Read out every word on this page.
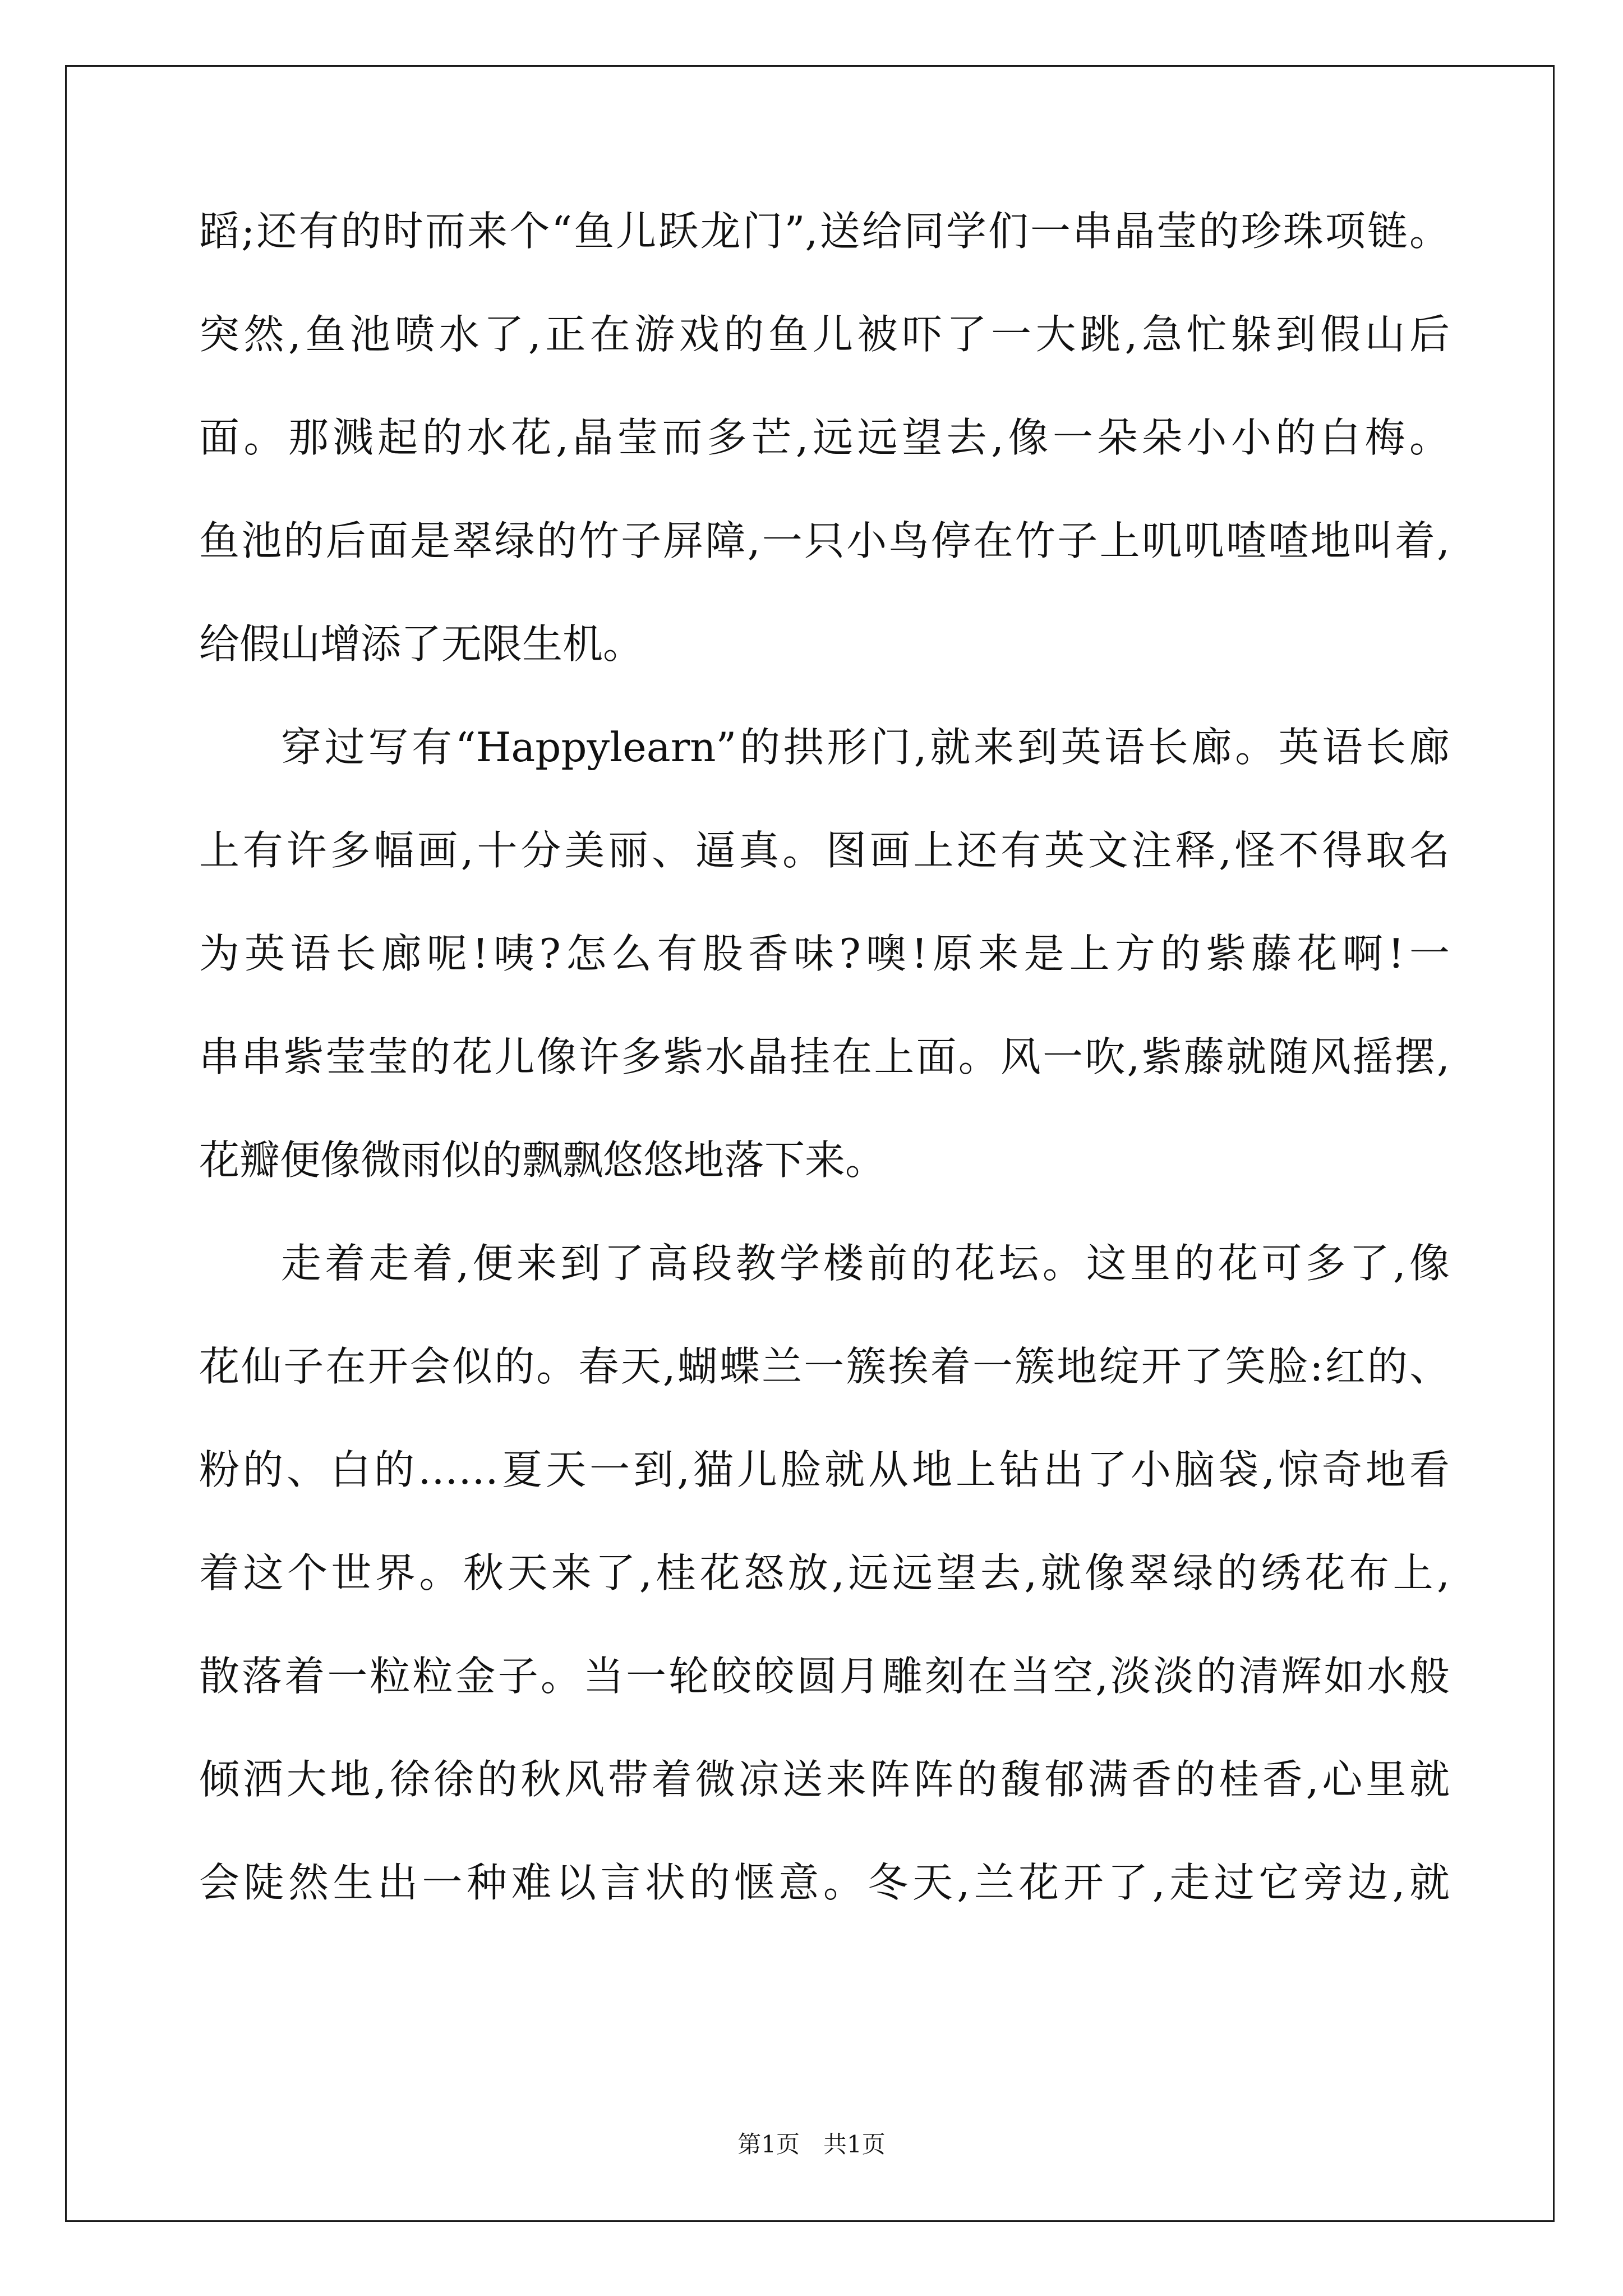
蹈;还有的时而来个“鱼儿跃龙门”,送给同学们一串晶莹的珍珠项链。
突然,鱼池喷水了,正在游戏的鱼儿被吓了一大跳,急忙躲到假山后
面。那溅起的水花,晶莹而多芒,远远望去,像一朵朵小小的白梅。
鱼池的后面是翠绿的竹子屏障,一只小鸟停在竹子上叽叽喳喳地叫着,
给假山增添了无限生机。
穿过写有“Happylearn”的拱形门,就来到英语长廊。英语长廊
上有许多幅画,十分美丽、逼真。图画上还有英文注释,怪不得取名
为英语长廊呢!咦?怎么有股香味?噢!原来是上方的紫藤花啊!一
串串紫莹莹的花儿像许多紫水晶挂在上面。风一吹,紫藤就随风摇摆,
花瓣便像微雨似的飘飘悠悠地落下来。
走着走着,便来到了高段教学楼前的花坛。这里的花可多了,像
花仙子在开会似的。春天,蝴蝶兰一簇挨着一簇地绽开了笑脸:红的、
粉的、白的……夏天一到,猫儿脸就从地上钻出了小脑袋,惊奇地看
着这个世界。秋天来了,桂花怒放,远远望去,就像翠绿的绣花布上,
散落着一粒粒金子。当一轮皎皎圆月雕刻在当空,淡淡的清辉如水般
倾洒大地,徐徐的秋风带着微凉送来阵阵的馥郁满香的桂香,心里就
会陡然生出一种难以言状的惬意。冬天,兰花开了,走过它旁边,就
第1页　共1页
